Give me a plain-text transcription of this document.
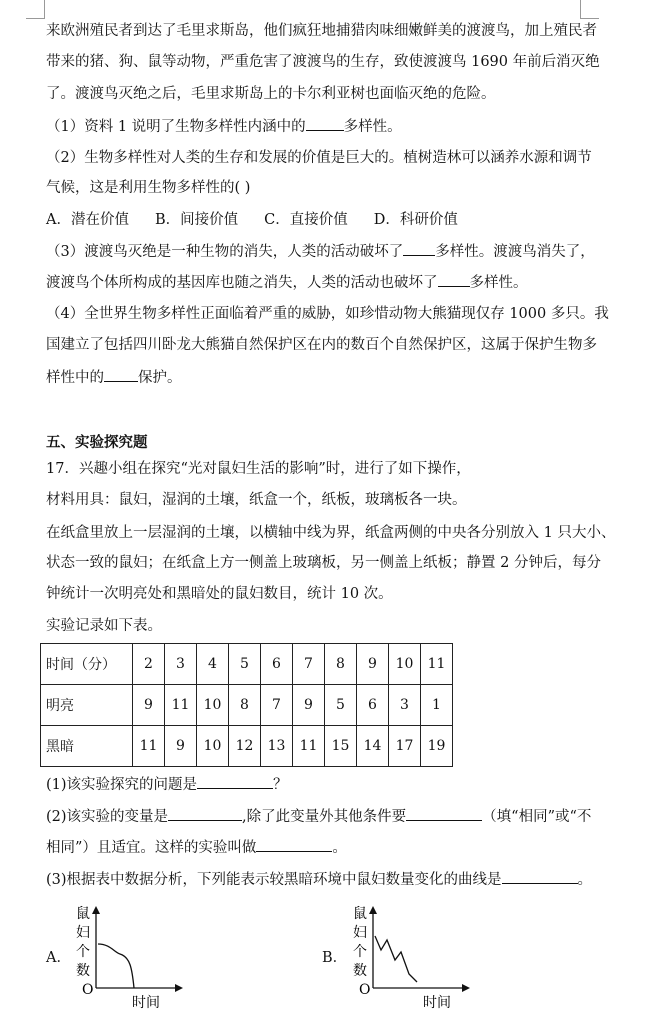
来欧洲殖民者到达了毛里求斯岛，他们疯狂地捕猎肉味细嫩鲜美的渡渡鸟，加上殖民者
带来的猪、狗、鼠等动物，严重危害了渡渡鸟的生存，致使渡渡鸟 1690 年前后消灭绝
了。渡渡鸟灭绝之后，毛里求斯岛上的卡尔利亚树也面临灭绝的危险。
（1）资料 1 说明了生物多样性内涵中的	多样性。
（2）生物多样性对人类的生存和发展的价值是巨大的。植树造林可以涵养水源和调节
气候，这是利用生物多样性的( )
A．潜在价值 B．间接价值 C．直接价值 D．科研价值
（3）渡渡鸟灭绝是一种生物的消失，人类的活动破坏了 多样性。渡渡鸟消失了，
渡渡鸟个体所构成的基因库也随之消失，人类的活动也破坏了 多样性。
（4）全世界生物多样性正面临着严重的威胁，如珍惜动物大熊猫现仅存 1000 多只。我
国建立了包括四川卧龙大熊猫自然保护区在内的数百个自然保护区，这属于保护生物多
样性中的 保护。
五、实验探究题
17．兴趣小组在探究“光对鼠妇生活的影响”时，进行了如下操作，
材料用具：鼠妇，湿润的土壤，纸盒一个，纸板，玻璃板各一块。
在纸盒里放上一层湿润的土壤，以横轴中线为界，纸盒两侧的中央各分别放入 1 只大小、
状态一致的鼠妇；在纸盒上方一侧盖上玻璃板，另一侧盖上纸板；静置 2 分钟后，每分
钟统计一次明亮处和黑暗处的鼠妇数目，统计 10 次。
实验记录如下表。
时间（分）	2	3	4	5	6	7	8	9	10	11
明亮	9	11	10	8	7	9	5	6	3	1
黑暗	11	9	10	12	13	11	15	14	17	19
(1)该实验探究的问题是	？
(2)该实验的变量是	,除了此变量外其他条件要	（填“相同”或“不
相同”）且适宜。这样的实验叫做	。
(3)根据表中数据分析，下列能表示较黑暗环境中鼠妇数量变化的曲线是	。
A．
鼠
妇
个
数
O
时间
B．
鼠
妇
个
数
O
时间
